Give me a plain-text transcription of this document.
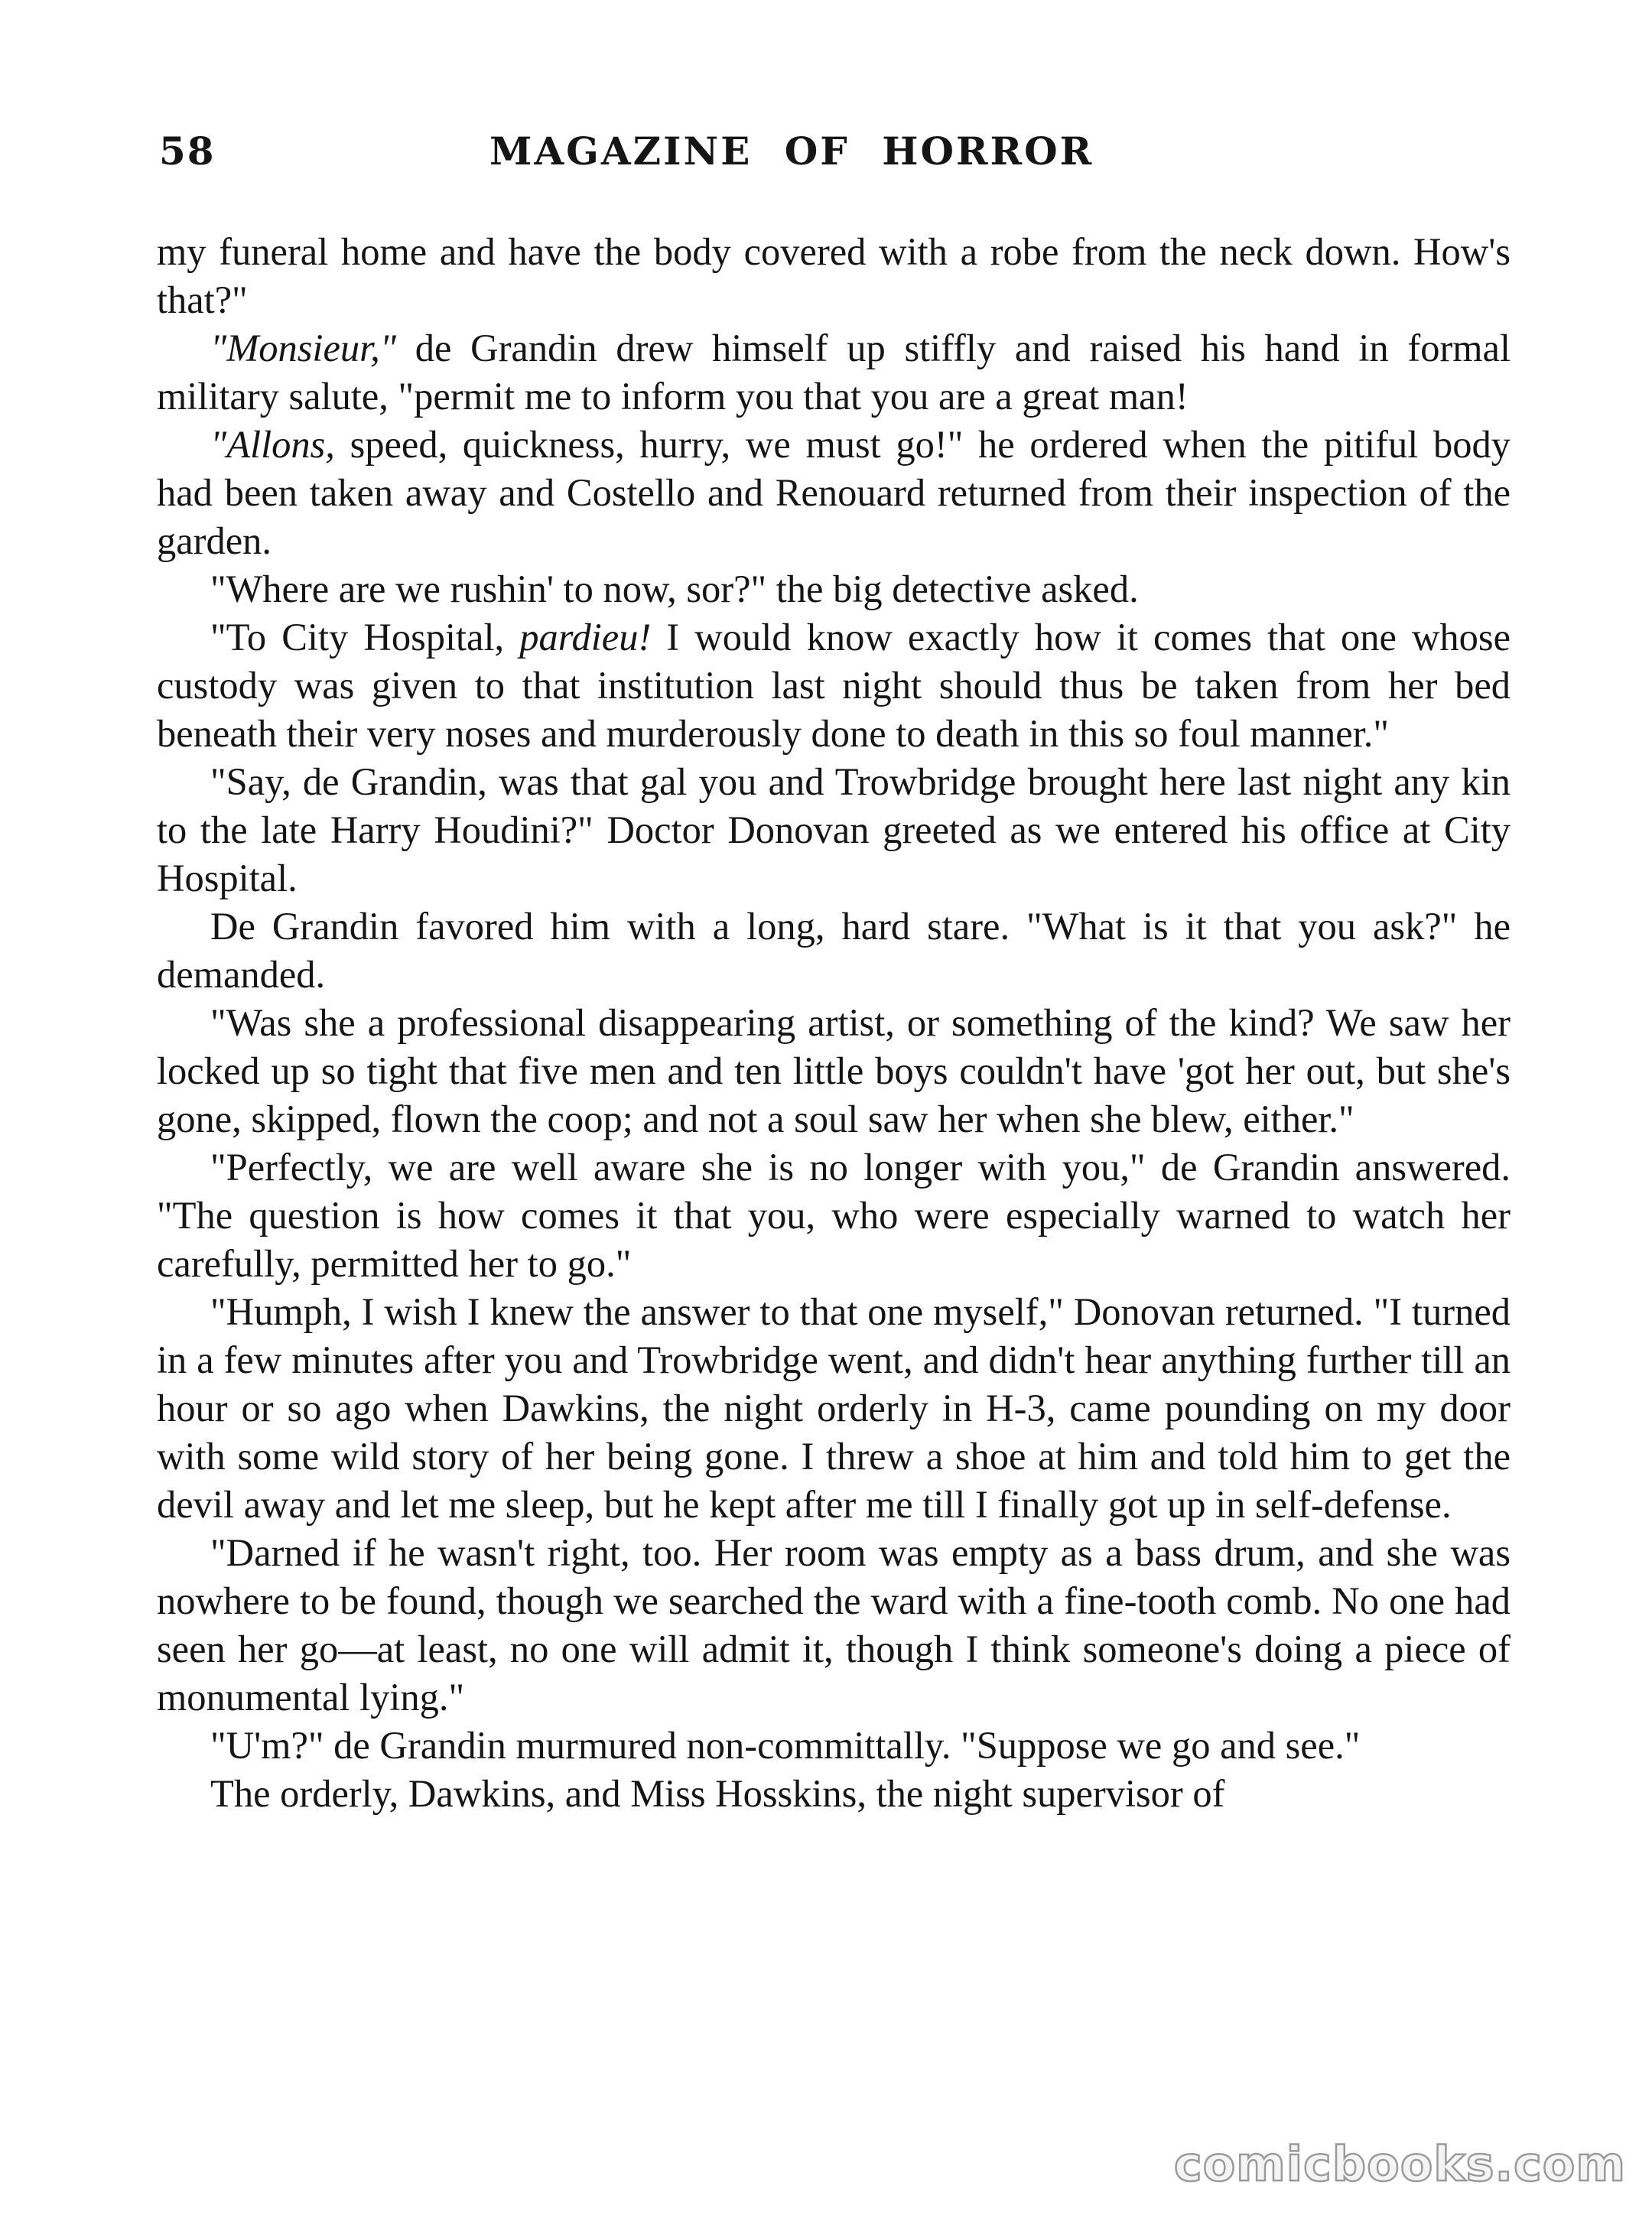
58	MAGAZINE OF HORROR

my funeral home and have the body covered with a robe from the neck down. How's that?"

"Monsieur," de Grandin drew himself up stiffly and raised his hand in formal military salute, "permit me to inform you that you are a great man!

"Allons, speed, quickness, hurry, we must go!" he ordered when the pitiful body had been taken away and Costello and Renouard returned from their inspection of the garden.

"Where are we rushin' to now, sor?" the big detective asked.

"To City Hospital, pardieu! I would know exactly how it comes that one whose custody was given to that institution last night should thus be taken from her bed beneath their very noses and murderously done to death in this so foul manner."

"Say, de Grandin, was that gal you and Trowbridge brought here last night any kin to the late Harry Houdini?" Doctor Donovan greeted as we entered his office at City Hospital.

De Grandin favored him with a long, hard stare. "What is it that you ask?" he demanded.

"Was she a professional disappearing artist, or something of the kind? We saw her locked up so tight that five men and ten little boys couldn't have 'got her out, but she's gone, skipped, flown the coop; and not a soul saw her when she blew, either."

"Perfectly, we are well aware she is no longer with you," de Grandin answered. "The question is how comes it that you, who were especially warned to watch her carefully, permitted her to go."

"Humph, I wish I knew the answer to that one myself," Donovan returned. "I turned in a few minutes after you and Trowbridge went, and didn't hear anything further till an hour or so ago when Dawkins, the night orderly in H-3, came pounding on my door with some wild story of her being gone. I threw a shoe at him and told him to get the devil away and let me sleep, but he kept after me till I finally got up in self-defense.

"Darned if he wasn't right, too. Her room was empty as a bass drum, and she was nowhere to be found, though we searched the ward with a fine-tooth comb. No one had seen her go—at least, no one will admit it, though I think someone's doing a piece of monumental lying."

"U'm?" de Grandin murmured non-committally. "Suppose we go and see."

The orderly, Dawkins, and Miss Hosskins, the night supervisor of

comicbooks.com
